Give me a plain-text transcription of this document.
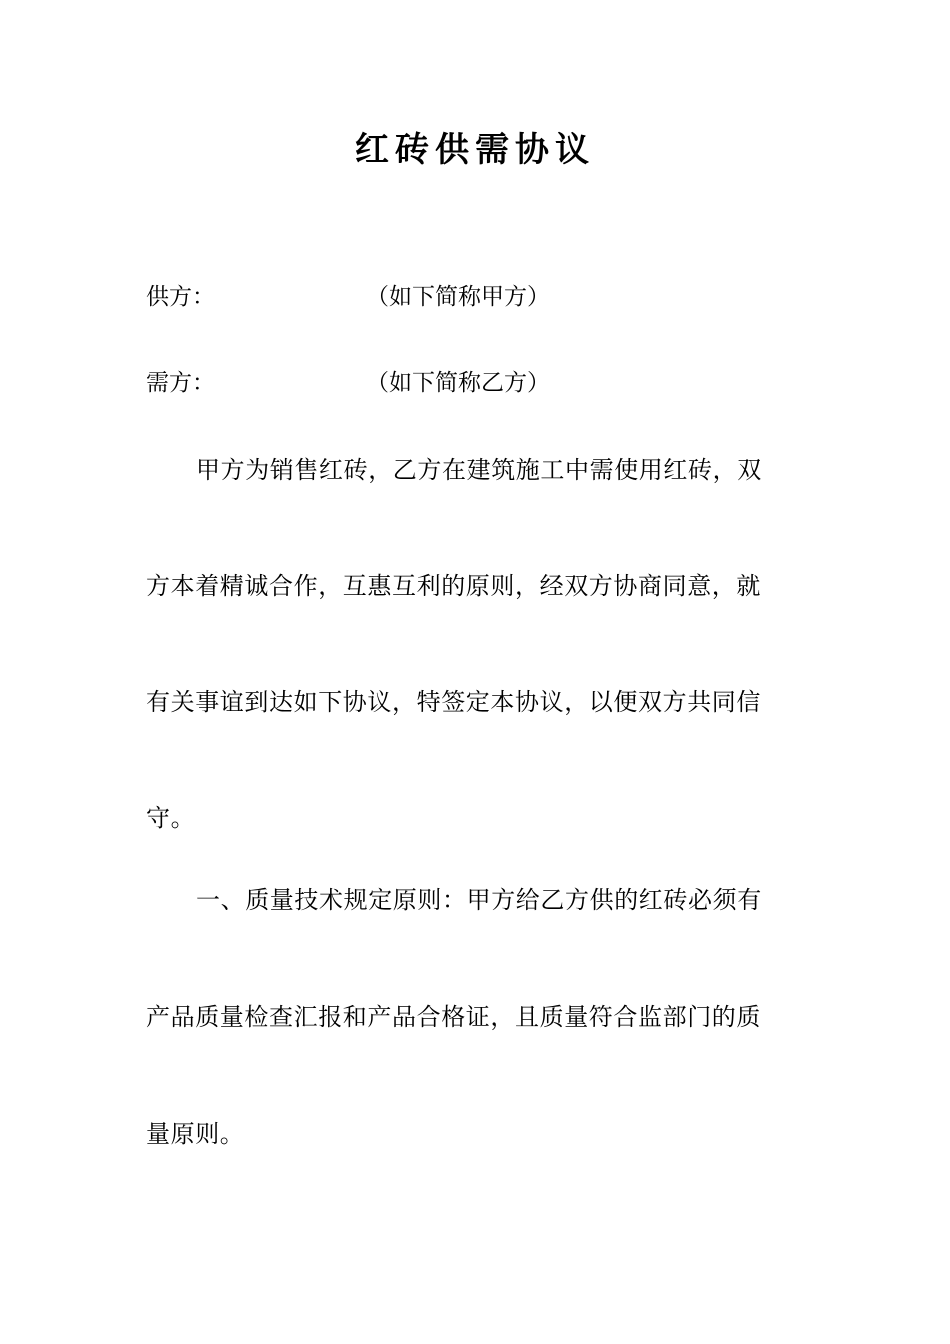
红砖供需协议
供方：	（如下简称甲方）
需方：	（如下简称乙方）
甲方为销售红砖，乙方在建筑施工中需使用红砖，双
方本着精诚合作，互惠互利的原则，经双方协商同意，就
有关事谊到达如下协议，特签定本协议，以便双方共同信
守。
一、质量技术规定原则：甲方给乙方供的红砖必须有
产品质量检查汇报和产品合格证，且质量符合监部门的质
量原则。
